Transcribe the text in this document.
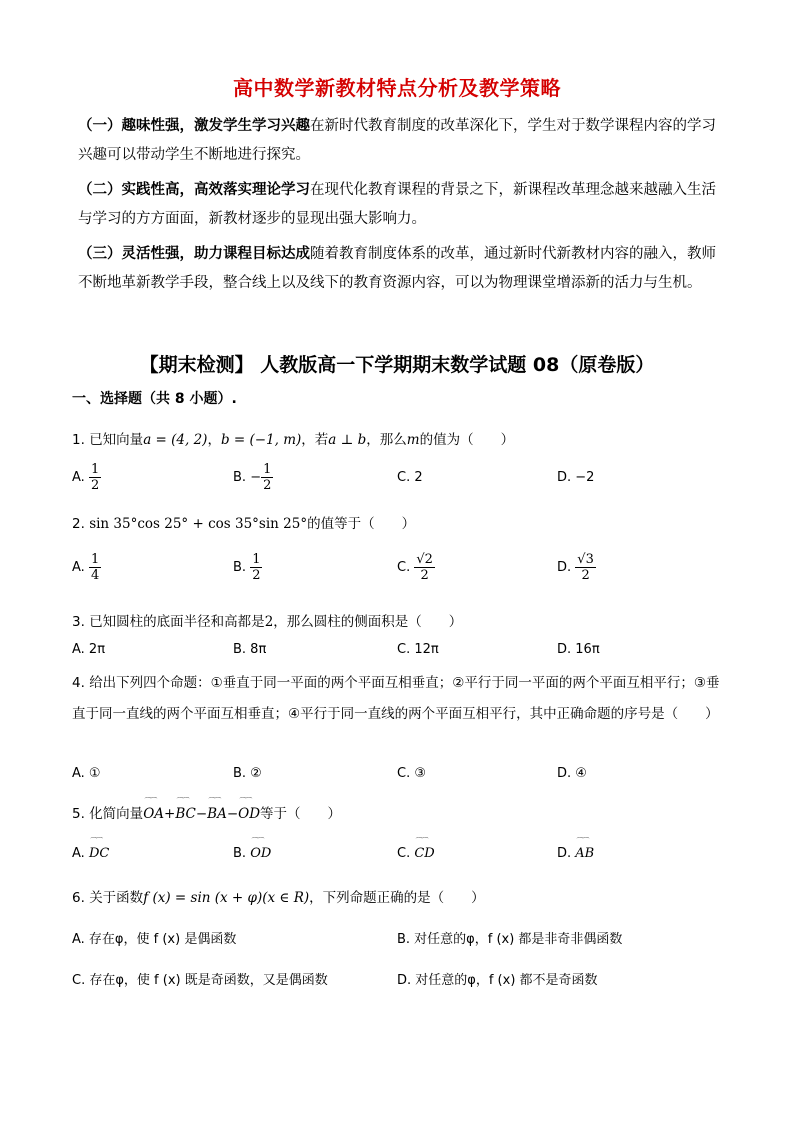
高中数学新教材特点分析及教学策略
（一）趣味性强，激发学生学习兴趣在新时代教育制度的改革深化下，学生对于数学课程内容的学习兴趣可以带动学生不断地进行探究。
（二）实践性高，高效落实理论学习在现代化教育课程的背景之下，新课程改革理念越来越融入生活与学习的方方面面，新教材逐步的显现出强大影响力。
（三）灵活性强，助力课程目标达成随着教育制度体系的改革，通过新时代新教材内容的融入，教师不断地革新教学手段，整合线上以及线下的教育资源内容，可以为物理课堂增添新的活力与生机。
【期末检测】 人教版高一下学期期末数学试题 08（原卷版）
一、选择题（共 8 小题）.
1. 已知向量a = (4, 2)，b = (−1, m)，若a ⊥ b，那么m的值为（　　）
A. $\frac{1}{2}$	B. − $\frac{1}{2}$	C. 2	D. −2
2. sin 35°cos 25° + cos 35°sin 25°的值等于（　　）
A. $\frac{1}{4}$	B. $\frac{1}{2}$	C. $\frac{√2}{2}$	D. $\frac{√3}{2}$
3. 已知圆柱的底面半径和高都是2，那么圆柱的侧面积是（　　）
A. 2π	B. 8π	C. 12π	D. 16π
4. 给出下列四个命题：①垂直于同一平面的两个平面互相垂直；②平行于同一平面的两个平面互相平行；③垂直于同一直线的两个平面互相垂直；④平行于同一直线的两个平面互相平行，其中正确命题的序号是（　　）
A. ①	B. ②	C. ③	D. ④
5. 化简向量⌒⌒ OA+⌒⌒ BC−⌒⌒ BA−⌒⌒ OD等于（　　）
A. ⌒⌒ DC	B. ⌒⌒ OD	C. ⌒⌒ CD	D. ⌒⌒ AB
6. 关于函数f (x) = sin (x + φ)(x ∈ R)，下列命题正确的是（　　）
A. 存在φ，使 f (x) 是偶函数	B. 对任意的φ，f (x) 都是非奇非偶函数
C. 存在φ，使 f (x) 既是奇函数，又是偶函数	D. 对任意的φ，f (x) 都不是奇函数
